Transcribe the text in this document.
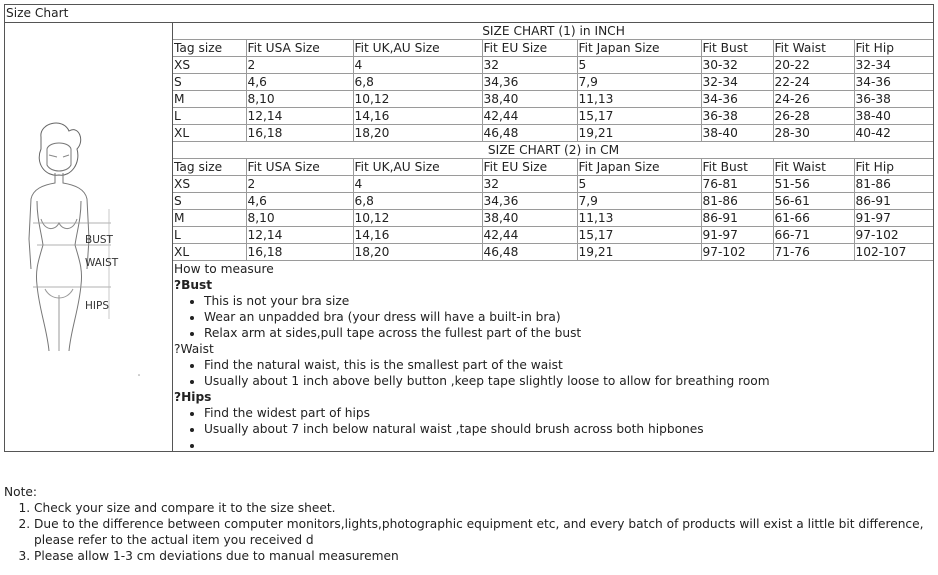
Size Chart
BUST
WAIST
HIPS
SIZE CHART (1) in INCH							
Tag size	Fit USA Size	Fit UK,AU Size	Fit EU Size	Fit Japan Size	Fit Bust	Fit Waist	Fit Hip
XS	2	4	32	5	30-32	20-22	32-34
S	4,6	6,8	34,36	7,9	32-34	22-24	34-36
M	8,10	10,12	38,40	11,13	34-36	24-26	36-38
L	12,14	14,16	42,44	15,17	36-38	26-28	38-40
XL	16,18	18,20	46,48	19,21	38-40	28-30	40-42
SIZE CHART (2) in CM							
Tag size	Fit USA Size	Fit UK,AU Size	Fit EU Size	Fit Japan Size	Fit Bust	Fit Waist	Fit Hip
XS	2	4	32	5	76-81	51-56	81-86
S	4,6	6,8	34,36	7,9	81-86	56-61	86-91
M	8,10	10,12	38,40	11,13	86-91	61-66	91-97
L	12,14	14,16	42,44	15,17	91-97	66-71	97-102
XL	16,18	18,20	46,48	19,21	97-102	71-76	102-107
How to measure
?Bust
• This is not your bra size
• Wear an unpadded bra (your dress will have a built-in bra)
• Relax arm at sides,pull tape across the fullest part of the bust
?Waist
• Find the natural waist, this is the smallest part of the waist
• Usually about 1 inch above belly button ,keep tape slightly loose to allow for breathing room
?Hips
• Find the widest part of hips
• Usually about 7 inch below natural waist ,tape should brush across both hipbones
•
Note:
1. Check your size and compare it to the size sheet.
2. Due to the difference between computer monitors,lights,photographic equipment etc, and every batch of products will exist a little bit difference, please refer to the actual item you received d
3. Please allow 1-3 cm deviations due to manual measuremen
